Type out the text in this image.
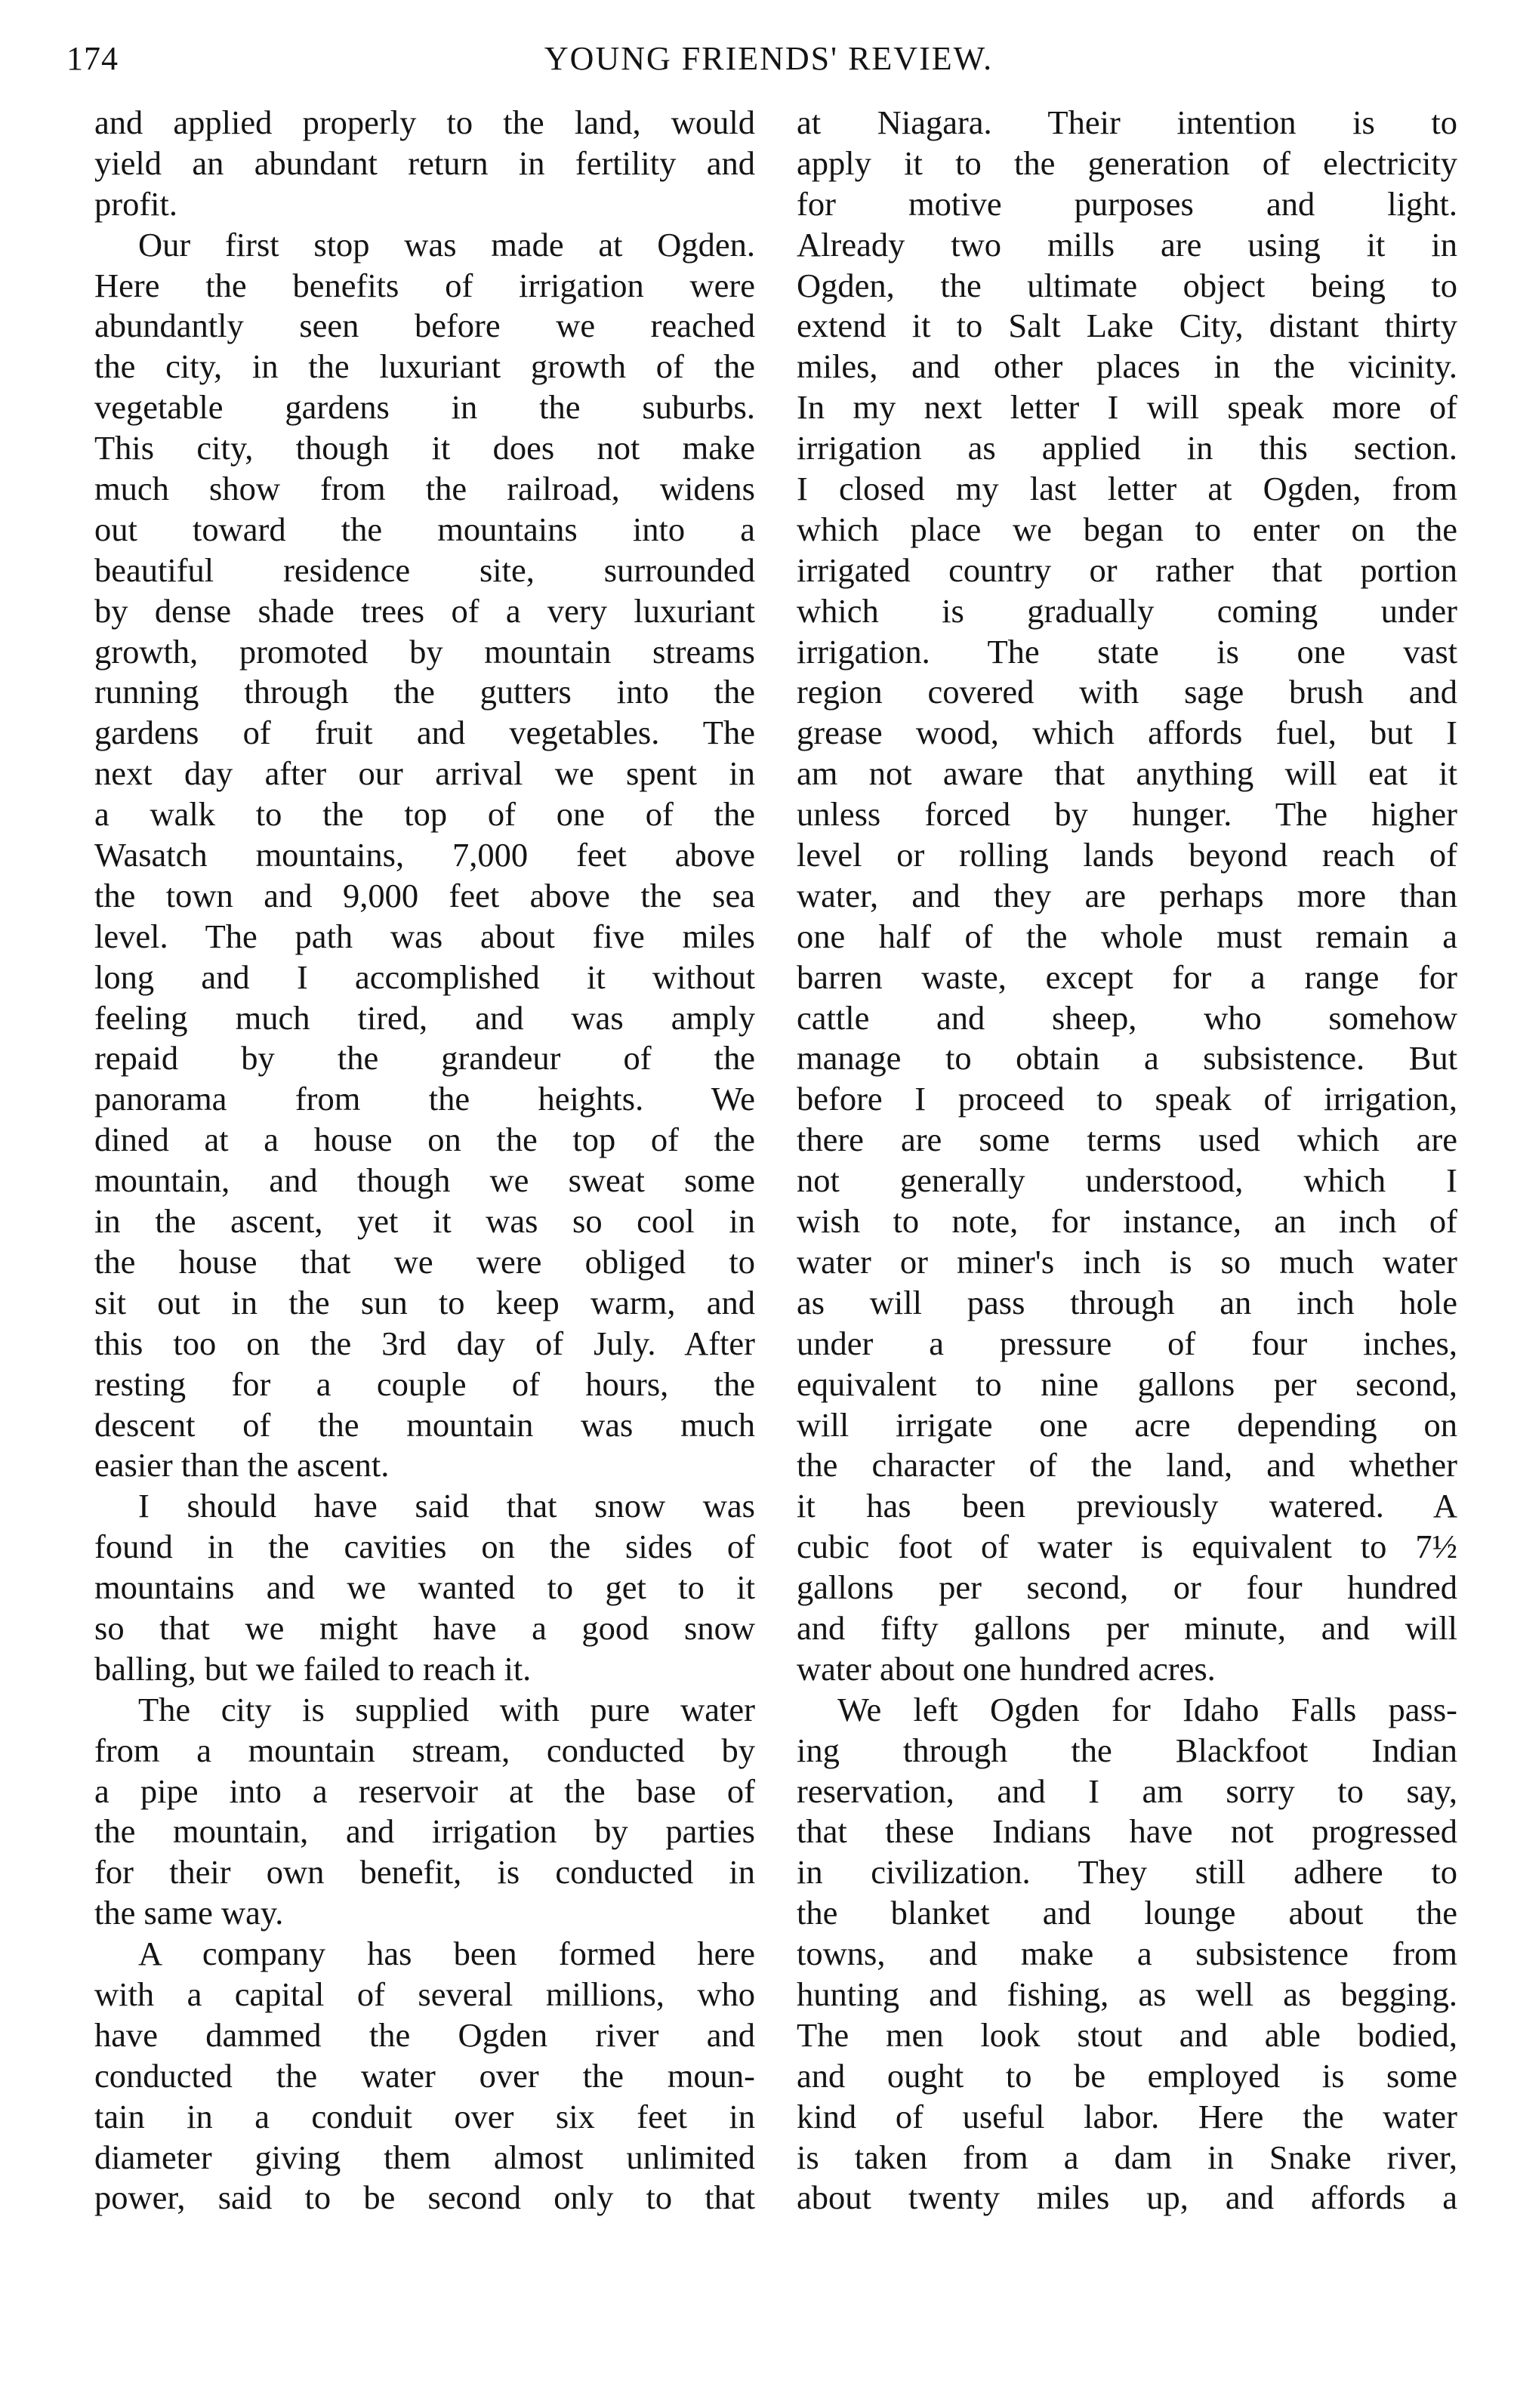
174	YOUNG FRIENDS' REVIEW.
and applied properly to the land, would
yield an abundant return in fertility and
profit.
Our first stop was made at Ogden.
Here the benefits of irrigation were
abundantly seen before we reached
the city, in the luxuriant growth of the
vegetable gardens in the suburbs.
This city, though it does not make
much show from the railroad, widens
out toward the mountains into a
beautiful residence site, surrounded
by dense shade trees of a very luxuriant
growth, promoted by mountain streams
running through the gutters into the
gardens of fruit and vegetables. The
next day after our arrival we spent in
a walk to the top of one of the
Wasatch mountains, 7,000 feet above
the town and 9,000 feet above the sea
level. The path was about five miles
long and I accomplished it without
feeling much tired, and was amply
repaid by the grandeur of the
panorama from the heights. We
dined at a house on the top of the
mountain, and though we sweat some
in the ascent, yet it was so cool in
the house that we were obliged to
sit out in the sun to keep warm, and
this too on the 3rd day of July. After
resting for a couple of hours, the
descent of the mountain was much
easier than the ascent.
I should have said that snow was
found in the cavities on the sides of
mountains and we wanted to get to it
so that we might have a good snow
balling, but we failed to reach it.
The city is supplied with pure water
from a mountain stream, conducted by
a pipe into a reservoir at the base of
the mountain, and irrigation by parties
for their own benefit, is conducted in
the same way.
A company has been formed here
with a capital of several millions, who
have dammed the Ogden river and
conducted the water over the moun-
tain in a conduit over six feet in
diameter giving them almost unlimited
power, said to be second only to that
at Niagara. Their intention is to
apply it to the generation of electricity
for motive purposes and light.
Already two mills are using it in
Ogden, the ultimate object being to
extend it to Salt Lake City, distant thirty
miles, and other places in the vicinity.
In my next letter I will speak more of
irrigation as applied in this section.
I closed my last letter at Ogden, from
which place we began to enter on the
irrigated country or rather that portion
which is gradually coming under
irrigation. The state is one vast
region covered with sage brush and
grease wood, which affords fuel, but I
am not aware that anything will eat it
unless forced by hunger. The higher
level or rolling lands beyond reach of
water, and they are perhaps more than
one half of the whole must remain a
barren waste, except for a range for
cattle and sheep, who somehow
manage to obtain a subsistence. But
before I proceed to speak of irrigation,
there are some terms used which are
not generally understood, which I
wish to note, for instance, an inch of
water or miner's inch is so much water
as will pass through an inch hole
under a pressure of four inches,
equivalent to nine gallons per second,
will irrigate one acre depending on
the character of the land, and whether
it has been previously watered. A
cubic foot of water is equivalent to 7½
gallons per second, or four hundred
and fifty gallons per minute, and will
water about one hundred acres.
We left Ogden for Idaho Falls pass-
ing through the Blackfoot Indian
reservation, and I am sorry to say,
that these Indians have not progressed
in civilization. They still adhere to
the blanket and lounge about the
towns, and make a subsistence from
hunting and fishing, as well as begging.
The men look stout and able bodied,
and ought to be employed is some
kind of useful labor. Here the water
is taken from a dam in Snake river,
about twenty miles up, and affords a
